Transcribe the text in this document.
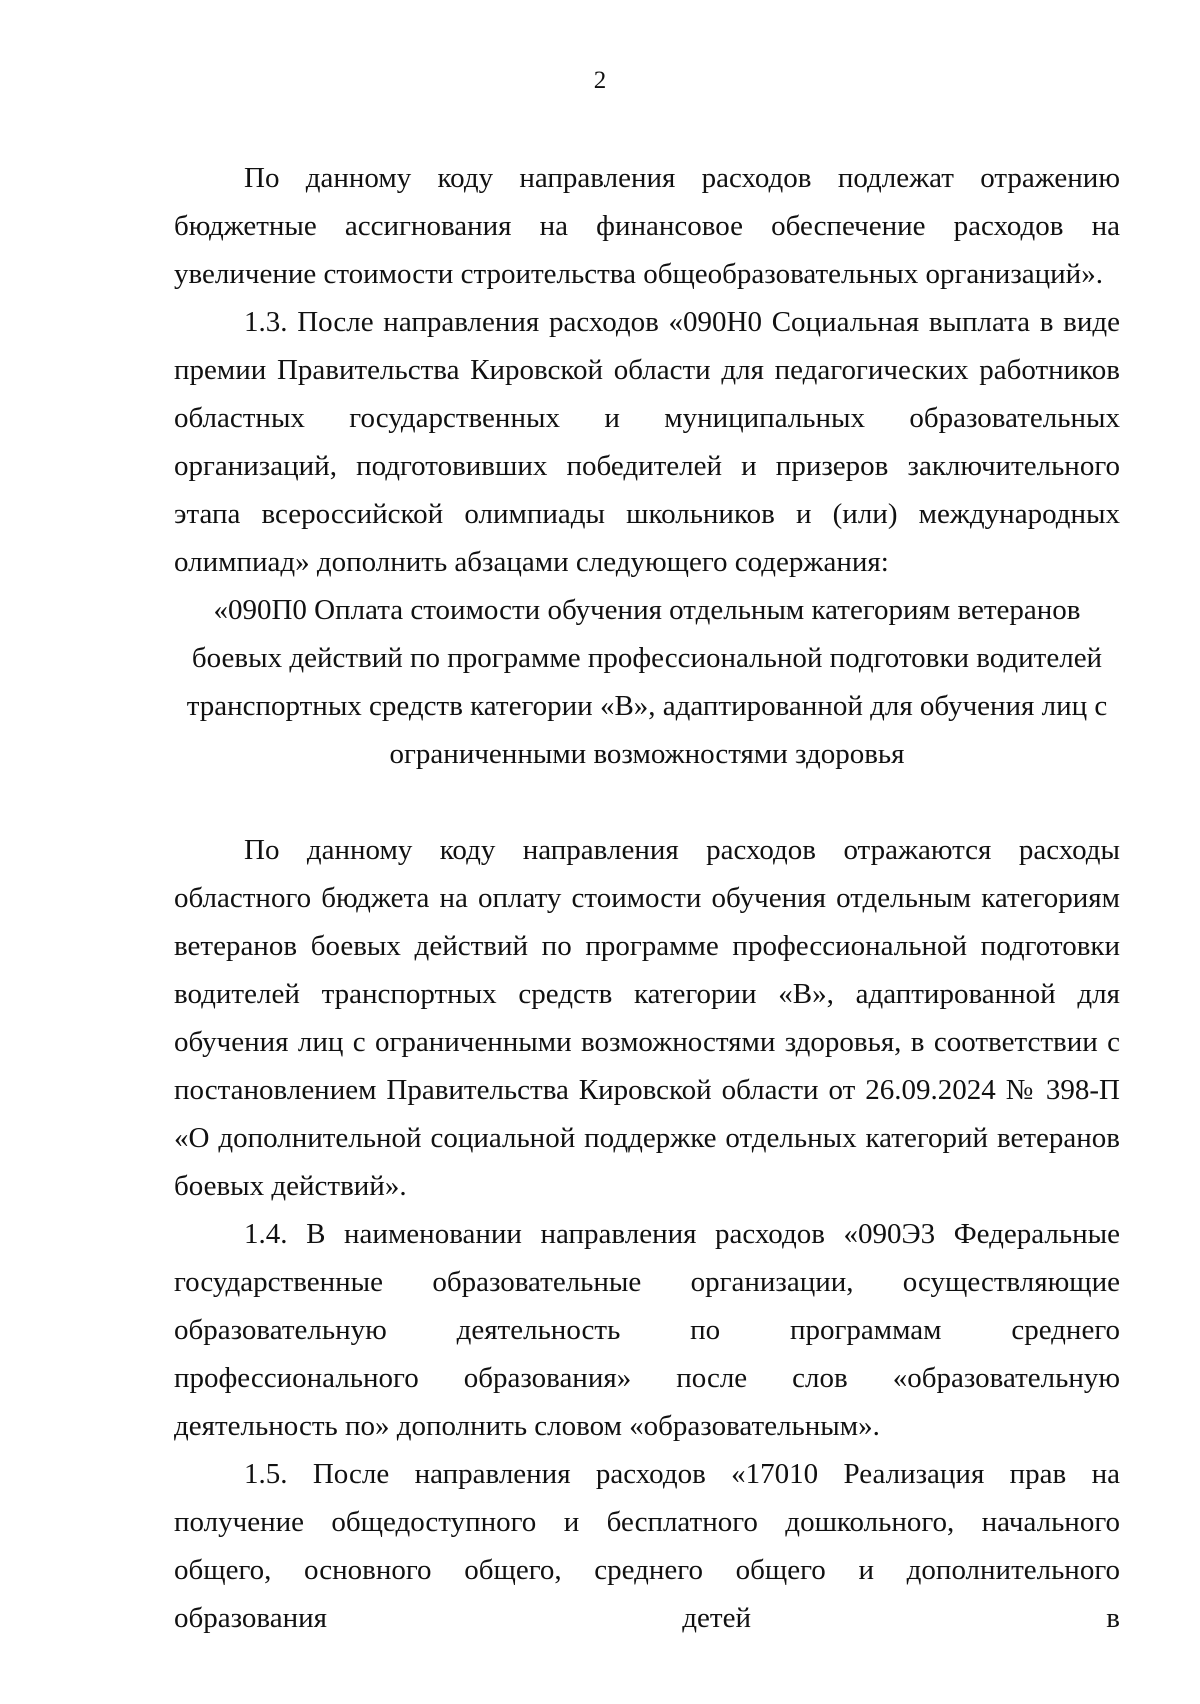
2

По данному коду направления расходов подлежат отражению бюджетные ассигнования на финансовое обеспечение расходов на увеличение стоимости строительства общеобразовательных организаций».

1.3. После направления расходов «090Н0 Социальная выплата в виде премии Правительства Кировской области для педагогических работников областных государственных и муниципальных образовательных организаций, подготовивших победителей и призеров заключительного этапа всероссийской олимпиады школьников и (или) международных олимпиад» дополнить абзацами следующего содержания:

«090П0 Оплата стоимости обучения отдельным категориям ветеранов боевых действий по программе профессиональной подготовки водителей транспортных средств категории «В», адаптированной для обучения лиц с ограниченными возможностями здоровья

По данному коду направления расходов отражаются расходы областного бюджета на оплату стоимости обучения отдельным категориям ветеранов боевых действий по программе профессиональной подготовки водителей транспортных средств категории «В», адаптированной для обучения лиц с ограниченными возможностями здоровья, в соответствии с постановлением Правительства Кировской области от 26.09.2024 № 398-П «О дополнительной социальной поддержке отдельных категорий ветеранов боевых действий».

1.4. В наименовании направления расходов «090Э3 Федеральные государственные образовательные организации, осуществляющие образовательную деятельность по программам среднего профессионального образования» после слов «образовательную деятельность по» дополнить словом «образовательным».

1.5. После направления расходов «17010 Реализация прав на получение общедоступного и бесплатного дошкольного, начального общего, основного общего, среднего общего и дополнительного образования детей в
